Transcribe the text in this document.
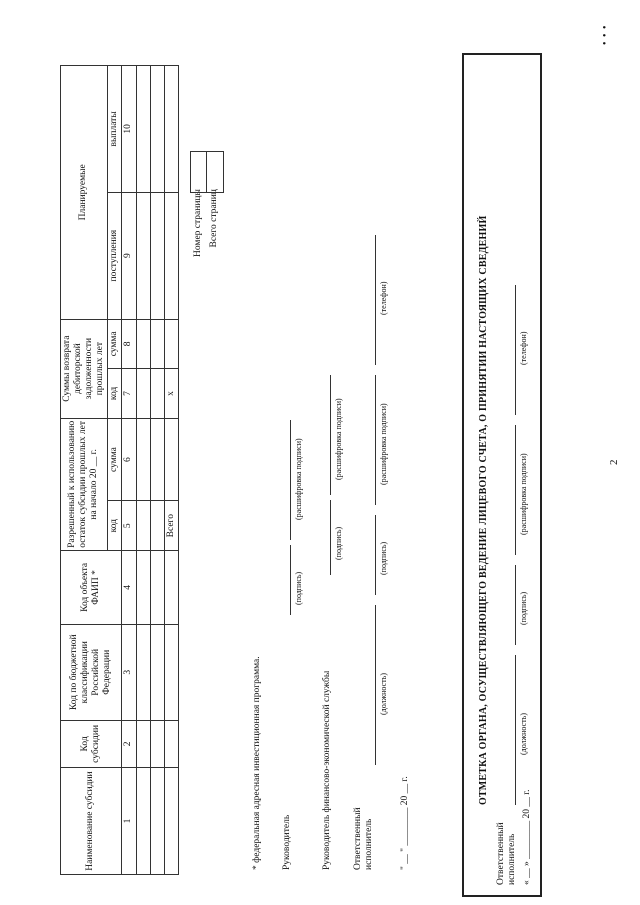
2
• • •
Наименование субсидии	Код субсидии	Код по бюджетной классификации Российской Федерации	Код объекта ФАИП *	Разрешенный к использованию остаток субсидии прошлых лет на начало 20 __ г.		Суммы возврата дебиторской задолженности прошлых лет		Планируемые	
				код	сумма	код	сумма	поступления	выплаты
1	2	3	4	5	6	7	8	9	10

				Всего		x			
Номер страницы Всего страниц
* федеральная адресная инвестиционная программа. Руководитель
(подпись)
(расшифровка подписи)
Руководитель финансово-экономической службы
(подпись)
(расшифровка подписи)
Ответственный исполнитель
(должность)
(подпись)
(расшифровка подписи)
(телефон)
" __ " ________ 20 __ г.
ОТМЕТКА ОРГАНА, ОСУЩЕСТВЛЯЮЩЕГО ВЕДЕНИЕ ЛИЦЕВОГО СЧЕТА, О ПРИНЯТИИ НАСТОЯЩИХ СВЕДЕНИЙ
Ответственный исполнитель
(должность)
(подпись)
(расшифровка подписи)
(телефон)
« __ » ________ 20 __ г.
